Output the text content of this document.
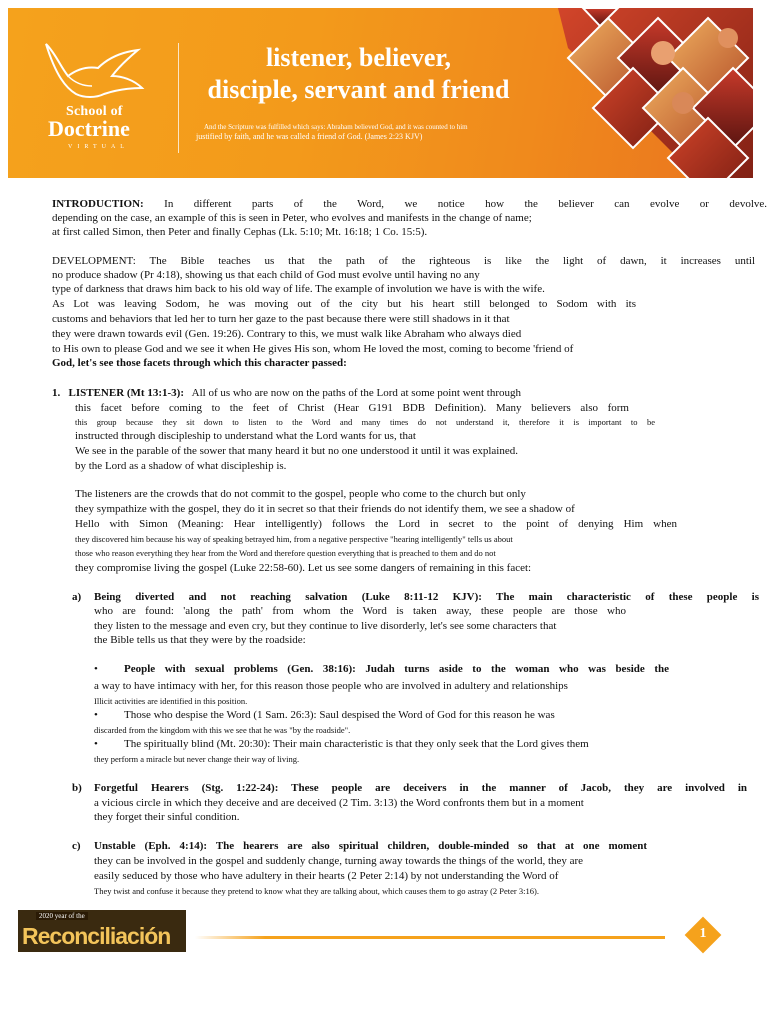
School of
Doctrine
VIRTUAL
listener, believer,
disciple, servant and friend
And the Scripture was fulfilled which says: Abraham believed God, and it was counted to him
justified by faith, and he was called a friend of God. (James 2:23 KJV)
INTRODUCTION: In different parts of the Word, we notice how the believer can evolve or devolve.
depending on the case, an example of this is seen in Peter, who evolves and manifests in the change of name;
at first called Simon, then Peter and finally Cephas (Lk. 5:10; Mt. 16:18; 1 Co. 15:5).
DEVELOPMENT: The Bible teaches us that the path of the righteous is like the light of dawn, it increases until
no produce shadow (Pr 4:18), showing us that each child of God must evolve until having no any
type of darkness that draws him back to his old way of life. The example of involution we have is with the wife.
As Lot was leaving Sodom, he was moving out of the city but his heart still belonged to Sodom with its
customs and behaviors that led her to turn her gaze to the past because there were still shadows in it that
they were drawn towards evil (Gen. 19:26). Contrary to this, we must walk like Abraham who always died
to His own to please God and we see it when He gives His son, whom He loved the most, coming to become 'friend of
God, let's see those facets through which this character passed:
1. LISTENER (Mt 13:1-3): All of us who are now on the paths of the Lord at some point went through
this facet before coming to the feet of Christ (Hear G191 BDB Definition). Many believers also form
this group because they sit down to listen to the Word and many times do not understand it, therefore it is important to be
instructed through discipleship to understand what the Lord wants for us, that
We see in the parable of the sower that many heard it but no one understood it until it was explained.
by the Lord as a shadow of what discipleship is.
The listeners are the crowds that do not commit to the gospel, people who come to the church but only
they sympathize with the gospel, they do it in secret so that their friends do not identify them, we see a shadow of
Hello with Simon (Meaning: Hear intelligently) follows the Lord in secret to the point of denying Him when
they discovered him because his way of speaking betrayed him, from a negative perspective "hearing intelligently" tells us about
those who reason everything they hear from the Word and therefore question everything that is preached to them and do not
they compromise living the gospel (Luke 22:58-60). Let us see some dangers of remaining in this facet:
a) Being diverted and not reaching salvation (Luke 8:11-12 KJV): The main characteristic of these people is
who are found: 'along the path' from whom the Word is taken away, these people are those who
they listen to the message and even cry, but they continue to live disorderly, let's see some characters that
the Bible tells us that they were by the roadside:
• People with sexual problems (Gen. 38:16): Judah turns aside to the woman who was beside the
a way to have intimacy with her, for this reason those people who are involved in adultery and relationships
Illicit activities are identified in this position.
• Those who despise the Word (1 Sam. 26:3): Saul despised the Word of God for this reason he was
discarded from the kingdom with this we see that he was "by the roadside".
• The spiritually blind (Mt. 20:30): Their main characteristic is that they only seek that the Lord gives them
they perform a miracle but never change their way of living.
b) Forgetful Hearers (Stg. 1:22-24): These people are deceivers in the manner of Jacob, they are involved in
a vicious circle in which they deceive and are deceived (2 Tim. 3:13) the Word confronts them but in a moment
they forget their sinful condition.
c) Unstable (Eph. 4:14): The hearers are also spiritual children, double-minded so that at one moment
they can be involved in the gospel and suddenly change, turning away towards the things of the world, they are
easily seduced by those who have adultery in their hearts (2 Peter 2:14) by not understanding the Word of
They twist and confuse it because they pretend to know what they are talking about, which causes them to go astray (2 Peter 3:16).
2020 year of the
Reconciliación	1
